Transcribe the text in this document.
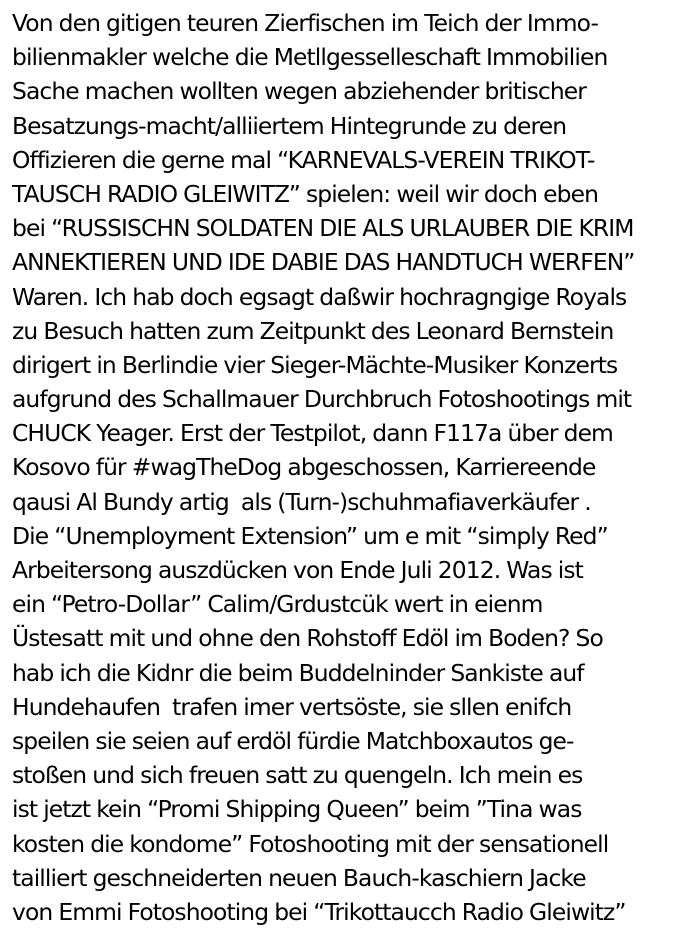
Von den gitigen teuren Zierfischen im Teich der Immo-
bilienmakler welche die Metllgesselleschaft Immobilien
Sache machen wollten wegen abziehender britischer
Besatzungs-macht/alliiertem Hintegrunde zu deren
Offizieren die gerne mal “KARNEVALS-VEREIN TRIKOT-
TAUSCH RADIO GLEIWITZ” spielen: weil wir doch eben
bei “RUSSISCHN SOLDATEN DIE ALS URLAUBER DIE KRIM
ANNEKTIEREN UND IDE DABIE DAS HANDTUCH WERFEN”
Waren. Ich hab doch egsagt daßwir hochragngige Royals
zu Besuch hatten zum Zeitpunkt des Leonard Bernstein
dirigert in Berlindie vier Sieger-Mächte-Musiker Konzerts
aufgrund des Schallmauer Durchbruch Fotoshootings mit
CHUCK Yeager. Erst der Testpilot, dann F117a über dem
Kosovo für #wagTheDog abgeschossen, Karriereende
qausi Al Bundy artig  als (Turn-)schuhmafiaverkäufer .
Die “Unemployment Extension” um e mit “simply Red”
Arbeitersong auszdücken von Ende Juli 2012. Was ist
ein “Petro-Dollar” Calim/Grdustcük wert in eienm
Üstesatt mit und ohne den Rohstoff Edöl im Boden? So
hab ich die Kidnr die beim Buddelninder Sankiste auf
Hundehaufen  trafen imer vertsöste, sie sllen enifch
speilen sie seien auf erdöl fürdie Matchboxautos ge-
stoßen und sich freuen satt zu quengeln. Ich mein es
ist jetzt kein “Promi Shipping Queen” beim ”Tina was
kosten die kondome” Fotoshooting mit der sensationell
tailliert geschneiderten neuen Bauch-kaschiern Jacke
von Emmi Fotoshooting bei “Trikottaucch Radio Gleiwitz”
